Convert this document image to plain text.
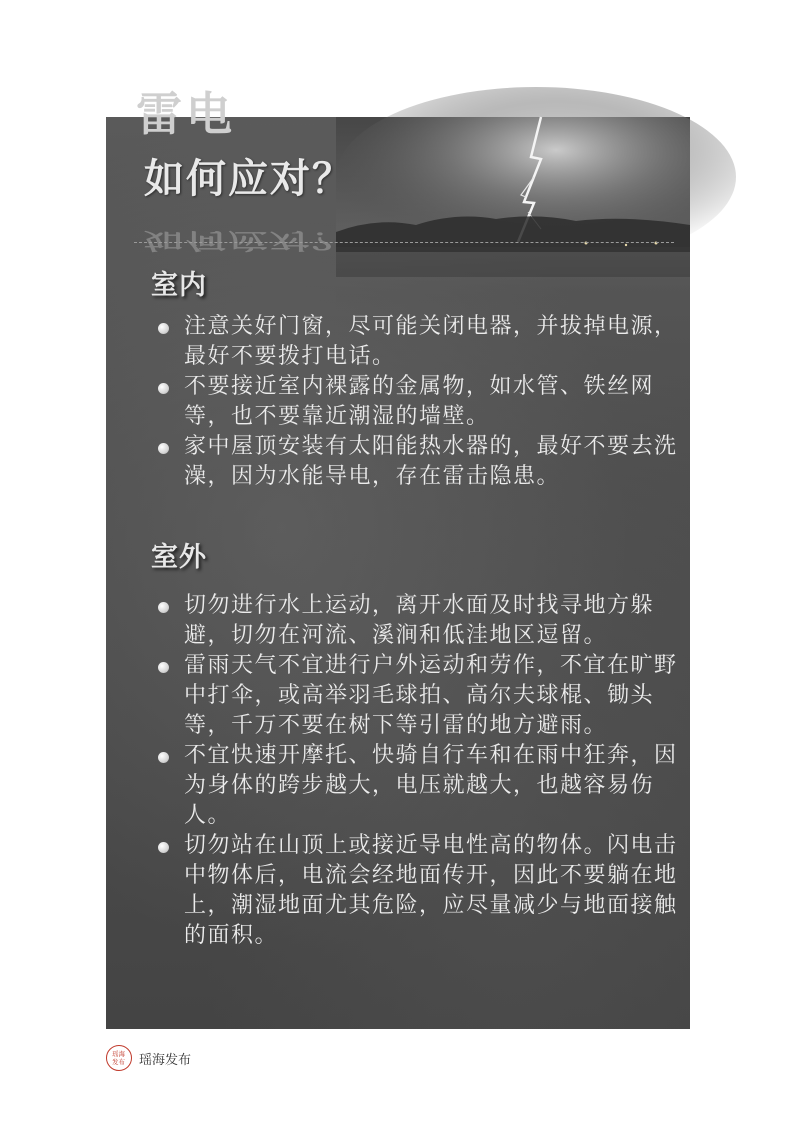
雷电
如何应对？
如何应对？
室内
注意关好门窗，尽可能关闭电器，并拔掉电源，最好不要拨打电话。
不要接近室内裸露的金属物，如水管、铁丝网等，也不要靠近潮湿的墙壁。
家中屋顶安装有太阳能热水器的，最好不要去洗澡，因为水能导电，存在雷击隐患。
室外
切勿进行水上运动，离开水面及时找寻地方躲避，切勿在河流、溪涧和低洼地区逗留。
雷雨天气不宜进行户外运动和劳作，不宜在旷野中打伞，或高举羽毛球拍、高尔夫球棍、锄头等，千万不要在树下等引雷的地方避雨。
不宜快速开摩托、快骑自行车和在雨中狂奔，因为身体的跨步越大，电压就越大，也越容易伤人。
切勿站在山顶上或接近导电性高的物体。闪电击中物体后，电流会经地面传开，因此不要躺在地上，潮湿地面尤其危险，应尽量减少与地面接触的面积。
瑶海
发布 瑶海发布
